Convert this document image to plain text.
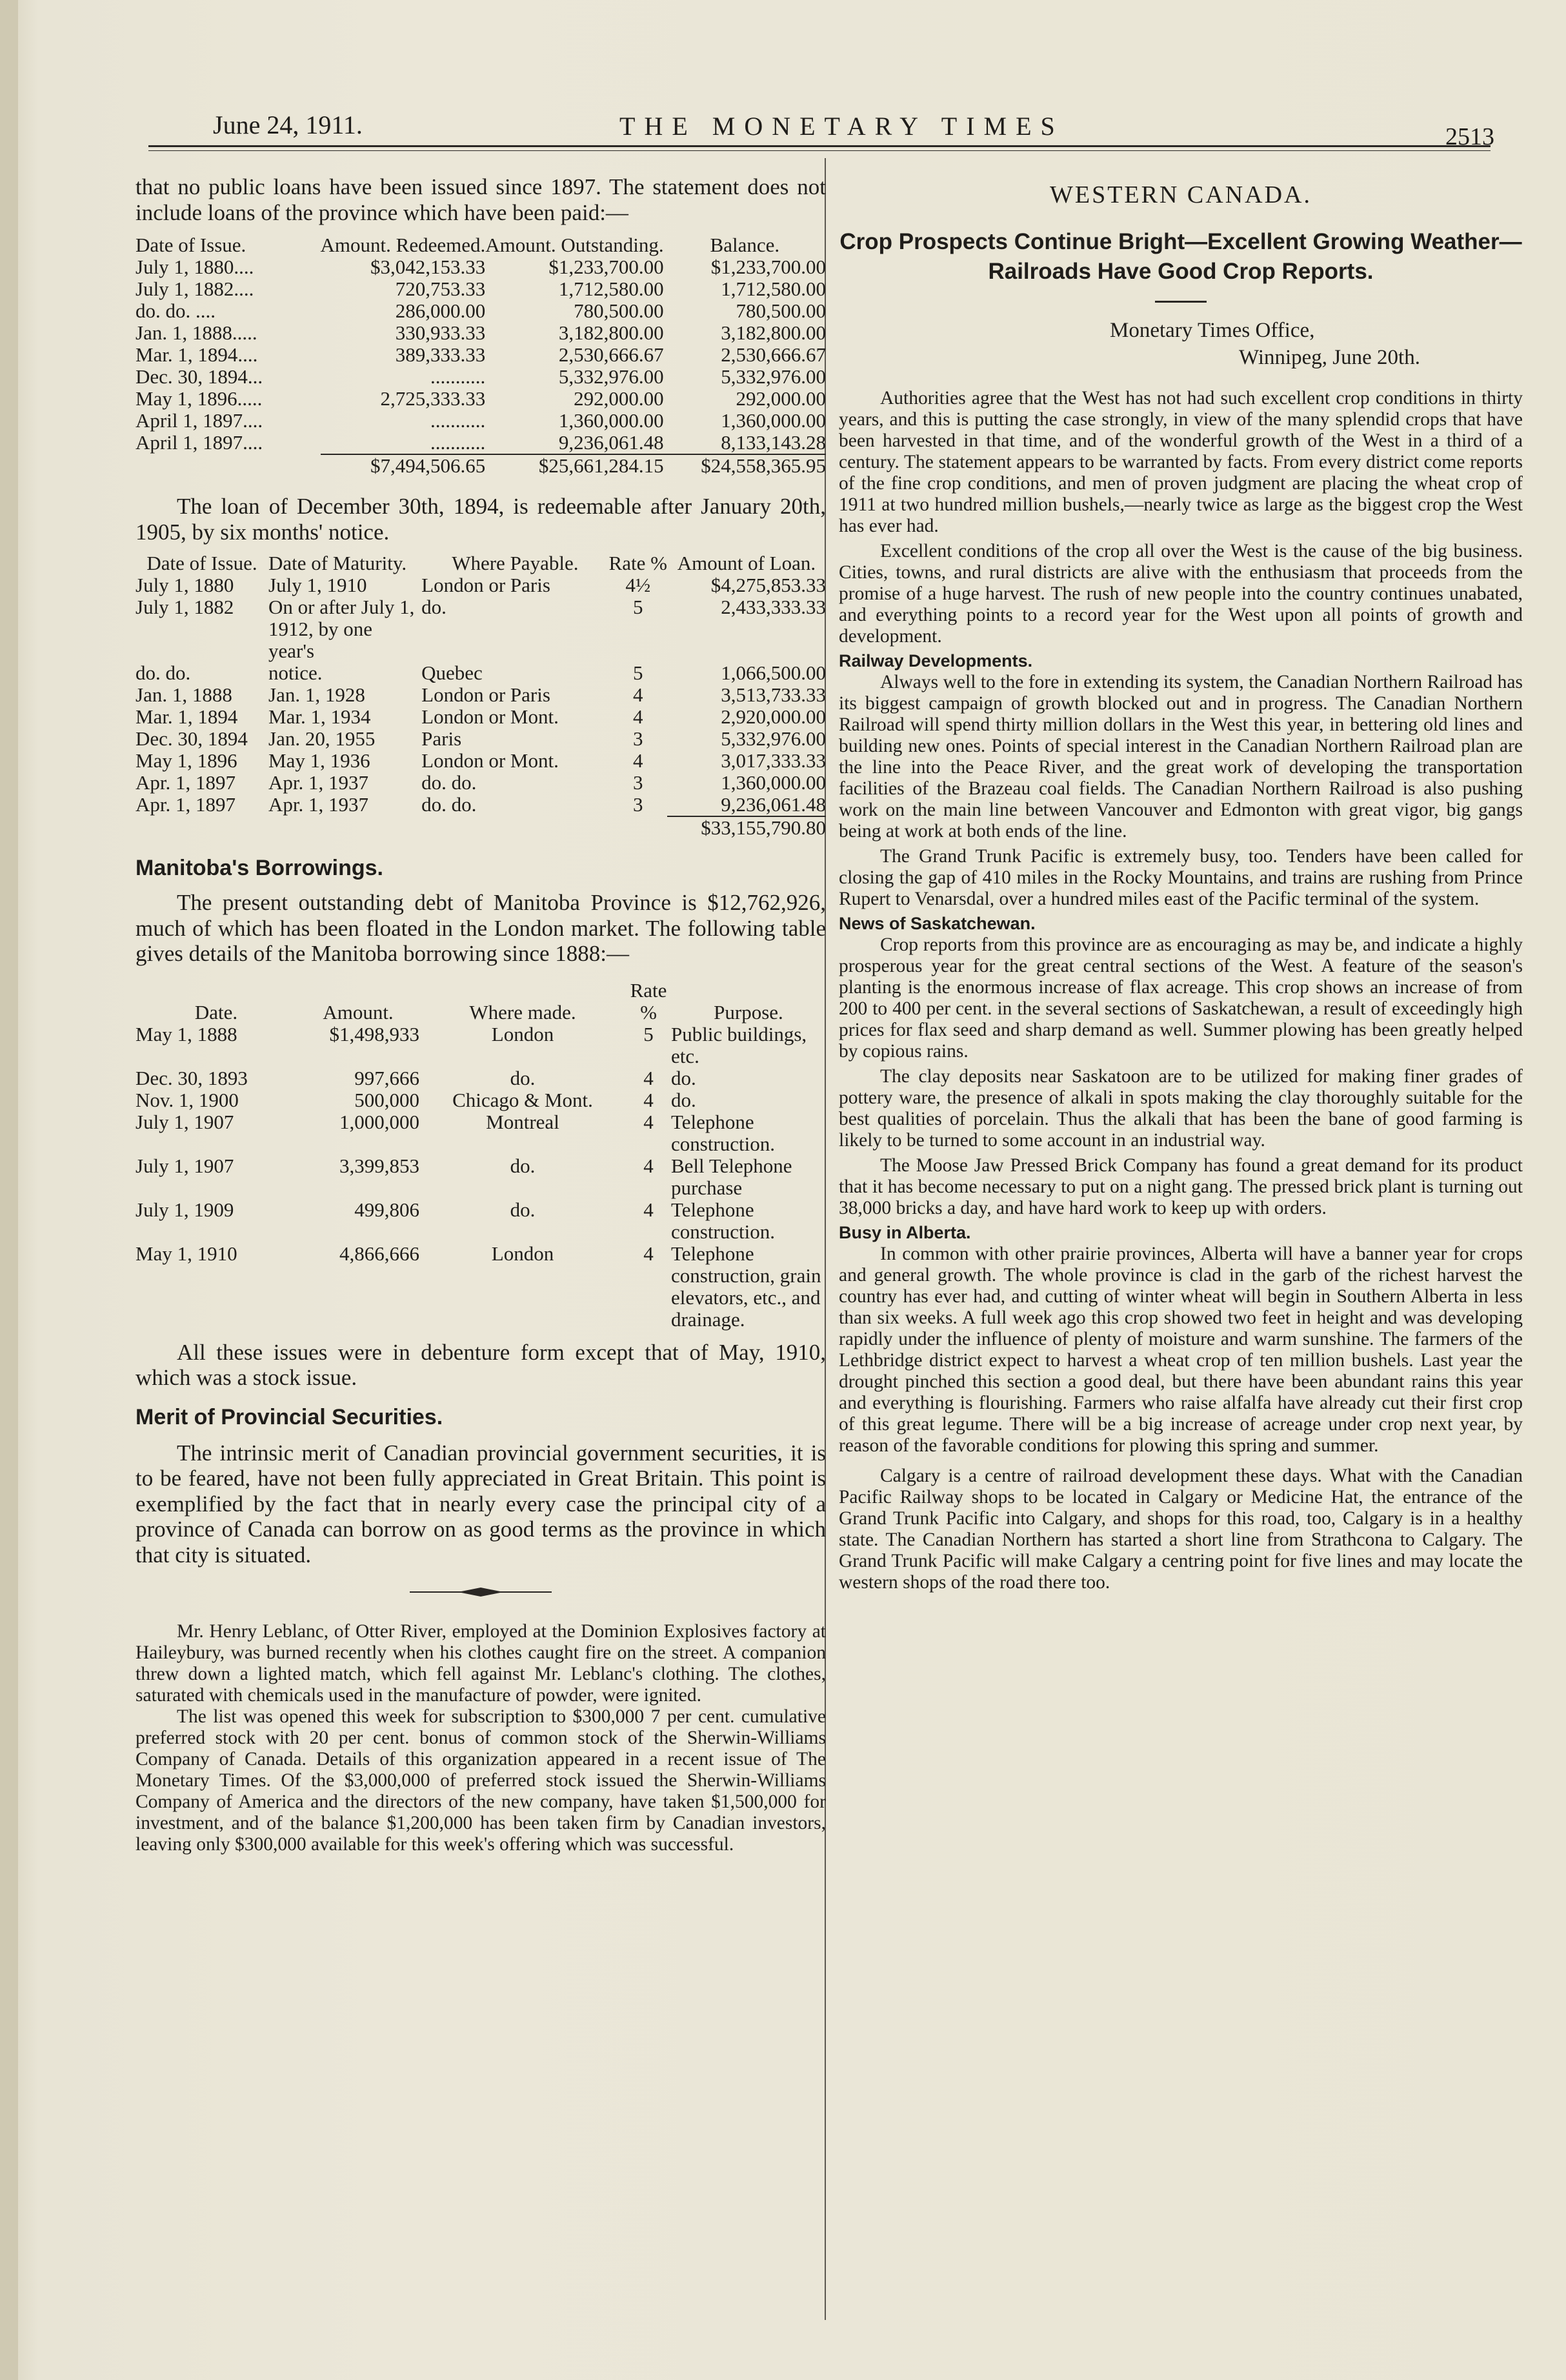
June 24, 1911.	THE MONETARY TIMES	2513

that no public loans have been issued since 1897. The statement does not include loans of the province which have been paid:—

Date of Issue.	Amount. Redeemed.	Amount. Outstanding.	Balance.
July 1, 1880....	$3,042,153.33	$1,233,700.00	$1,233,700.00
July 1, 1882....	720,753.33	1,712,580.00	1,712,580.00
do. do. ....	286,000.00	780,500.00	780,500.00
Jan. 1, 1888.....	330,933.33	3,182,800.00	3,182,800.00
Mar. 1, 1894....	389,333.33	2,530,666.67	2,530,666.67
Dec. 30, 1894...	...........	5,332,976.00	5,332,976.00
May 1, 1896.....	2,725,333.33	292,000.00	292,000.00
April 1, 1897....	...........	1,360,000.00	1,360,000.00
April 1, 1897....	...........	9,236,061.48	8,133,143.28
	$7,494,506.65	$25,661,284.15	$24,558,365.95

The loan of December 30th, 1894, is redeemable after January 20th, 1905, by six months' notice.

Date of Issue.	Date of Maturity.	Where Payable.	Rate %	Amount of Loan.
July 1, 1880	July 1, 1910	London or Paris	4½	$4,275,853.33
July 1, 1882	On or after July 1, 1912, by one year's	do.	5	2,433,333.33
do. do.	notice.	Quebec	5	1,066,500.00
Jan. 1, 1888	Jan. 1, 1928	London or Paris	4	3,513,733.33
Mar. 1, 1894	Mar. 1, 1934	London or Mont.	4	2,920,000.00
Dec. 30, 1894	Jan. 20, 1955	Paris	3	5,332,976.00
May 1, 1896	May 1, 1936	London or Mont.	4	3,017,333.33
Apr. 1, 1897	Apr. 1, 1937	do. do.	3	1,360,000.00
Apr. 1, 1897	Apr. 1, 1937	do. do.	3	9,236,061.48
				$33,155,790.80
Manitoba's Borrowings.

The present outstanding debt of Manitoba Province is $12,762,926, much of which has been floated in the London market. The following table gives details of the Manitoba borrowing since 1888:—

Date.	Amount.	Where made.	Rate %	Purpose.
May 1, 1888	$1,498,933	London	5	Public buildings, etc.
Dec. 30, 1893	997,666	do.	4	do.
Nov. 1, 1900	500,000	Chicago & Mont.	4	do.
July 1, 1907	1,000,000	Montreal	4	Telephone construction.
July 1, 1907	3,399,853	do.	4	Bell Telephone purchase
July 1, 1909	499,806	do.	4	Telephone construction.
May 1, 1910	4,866,666	London	4	Telephone construction, grain elevators, etc., and drainage.

All these issues were in debenture form except that of May, 1910, which was a stock issue.

Merit of Provincial Securities.

The intrinsic merit of Canadian provincial government securities, it is to be feared, have not been fully appreciated in Great Britain. This point is exemplified by the fact that in nearly every case the principal city of a province of Canada can borrow on as good terms as the province in which that city is situated.

Mr. Henry Leblanc, of Otter River, employed at the Dominion Explosives factory at Haileybury, was burned recently when his clothes caught fire on the street. A companion threw down a lighted match, which fell against Mr. Leblanc's clothing. The clothes, saturated with chemicals used in the manufacture of powder, were ignited.

The list was opened this week for subscription to $300,000 7 per cent. cumulative preferred stock with 20 per cent. bonus of common stock of the Sherwin-Williams Company of Canada. Details of this organization appeared in a recent issue of The Monetary Times. Of the $3,000,000 of preferred stock issued the Sherwin-Williams Company of America and the directors of the new company, have taken $1,500,000 for investment, and of the balance $1,200,000 has been taken firm by Canadian investors, leaving only $300,000 available for this week's offering which was successful.

WESTERN CANADA.
Crop Prospects Continue Bright—Excellent Growing Weather—Railroads Have Good Crop Reports.
Monetary Times Office,
Winnipeg, June 20th.

Authorities agree that the West has not had such excellent crop conditions in thirty years, and this is putting the case strongly, in view of the many splendid crops that have been harvested in that time, and of the wonderful growth of the West in a third of a century. The statement appears to be warranted by facts. From every district come reports of the fine crop conditions, and men of proven judgment are placing the wheat crop of 1911 at two hundred million bushels,—nearly twice as large as the biggest crop the West has ever had.

Excellent conditions of the crop all over the West is the cause of the big business. Cities, towns, and rural districts are alive with the enthusiasm that proceeds from the promise of a huge harvest. The rush of new people into the country continues unabated, and everything points to a record year for the West upon all points of growth and development.

Railway Developments.

Always well to the fore in extending its system, the Canadian Northern Railroad has its biggest campaign of growth blocked out and in progress. The Canadian Northern Railroad will spend thirty million dollars in the West this year, in bettering old lines and building new ones. Points of special interest in the Canadian Northern Railroad plan are the line into the Peace River, and the great work of developing the transportation facilities of the Brazeau coal fields. The Canadian Northern Railroad is also pushing work on the main line between Vancouver and Edmonton with great vigor, big gangs being at work at both ends of the line.

The Grand Trunk Pacific is extremely busy, too. Tenders have been called for closing the gap of 410 miles in the Rocky Mountains, and trains are rushing from Prince Rupert to Venarsdal, over a hundred miles east of the Pacific terminal of the system.

News of Saskatchewan.

Crop reports from this province are as encouraging as may be, and indicate a highly prosperous year for the great central sections of the West. A feature of the season's planting is the enormous increase of flax acreage. This crop shows an increase of from 200 to 400 per cent. in the several sections of Saskatchewan, a result of exceedingly high prices for flax seed and sharp demand as well. Summer plowing has been greatly helped by copious rains.

The clay deposits near Saskatoon are to be utilized for making finer grades of pottery ware, the presence of alkali in spots making the clay thoroughly suitable for the best qualities of porcelain. Thus the alkali that has been the bane of good farming is likely to be turned to some account in an industrial way.

The Moose Jaw Pressed Brick Company has found a great demand for its product that it has become necessary to put on a night gang. The pressed brick plant is turning out 38,000 bricks a day, and have hard work to keep up with orders.

Busy in Alberta.

In common with other prairie provinces, Alberta will have a banner year for crops and general growth. The whole province is clad in the garb of the richest harvest the country has ever had, and cutting of winter wheat will begin in Southern Alberta in less than six weeks. A full week ago this crop showed two feet in height and was developing rapidly under the influence of plenty of moisture and warm sunshine. The farmers of the Lethbridge district expect to harvest a wheat crop of ten million bushels. Last year the drought pinched this section a good deal, but there have been abundant rains this year and everything is flourishing. Farmers who raise alfalfa have already cut their first crop of this great legume. There will be a big increase of acreage under crop next year, by reason of the favorable conditions for plowing this spring and summer.

Calgary is a centre of railroad development these days. What with the Canadian Pacific Railway shops to be located in Calgary or Medicine Hat, the entrance of the Grand Trunk Pacific into Calgary, and shops for this road, too, Calgary is in a healthy state. The Canadian Northern has started a short line from Strathcona to Calgary. The Grand Trunk Pacific will make Calgary a centring point for five lines and may locate the western shops of the road there too.
